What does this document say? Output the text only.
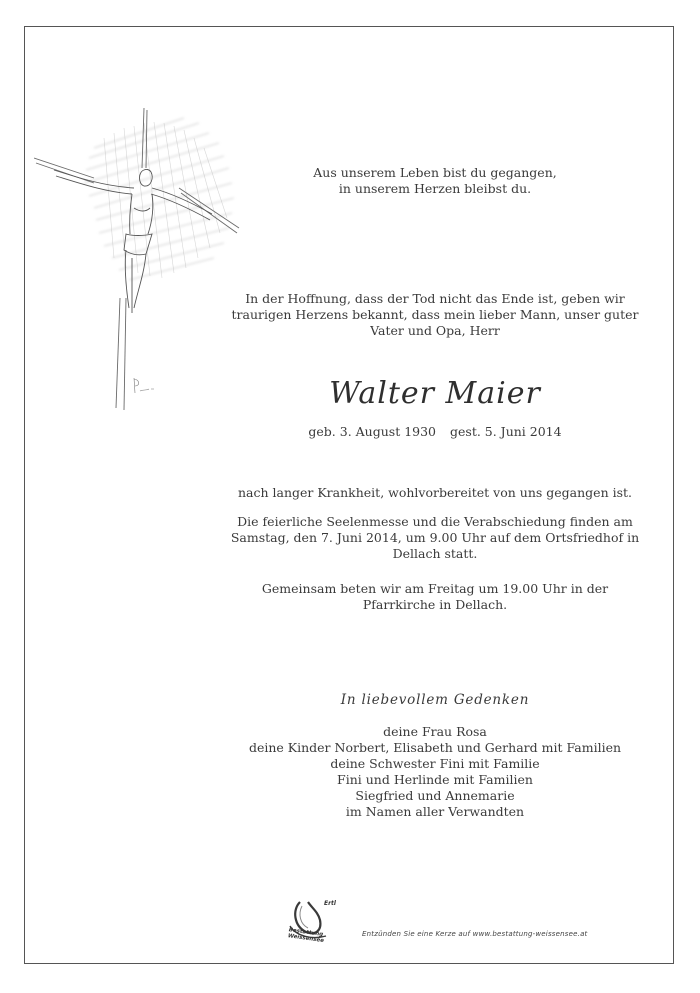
Aus unserem Leben bist du gegangen,
in unserem Herzen bleibst du.
In der Hoffnung, dass der Tod nicht das Ende ist, geben wir
traurigen Herzens bekannt, dass mein lieber Mann, unser guter
Vater und Opa, Herr
Walter Maier
geb. 3. August 1930 gest. 5. Juni 2014
nach langer Krankheit, wohlvorbereitet von uns gegangen ist.
Die feierliche Seelenmesse und die Verabschiedung finden am
Samstag, den 7. Juni 2014, um 9.00 Uhr auf dem Ortsfriedhof in
Dellach statt.
Gemeinsam beten wir am Freitag um 19.00 Uhr in der
Pfarrkirche in Dellach.
In liebevollem Gedenken
deine Frau Rosa
deine Kinder Norbert, Elisabeth und Gerhard mit Familien
deine Schwester Fini mit Familie
Fini und Herlinde mit Familien
Siegfried und Annemarie
im Namen aller Verwandten
Ertl
Bestattung Weissensee	Entzünden Sie eine Kerze auf www.bestattung-weissensee.at
